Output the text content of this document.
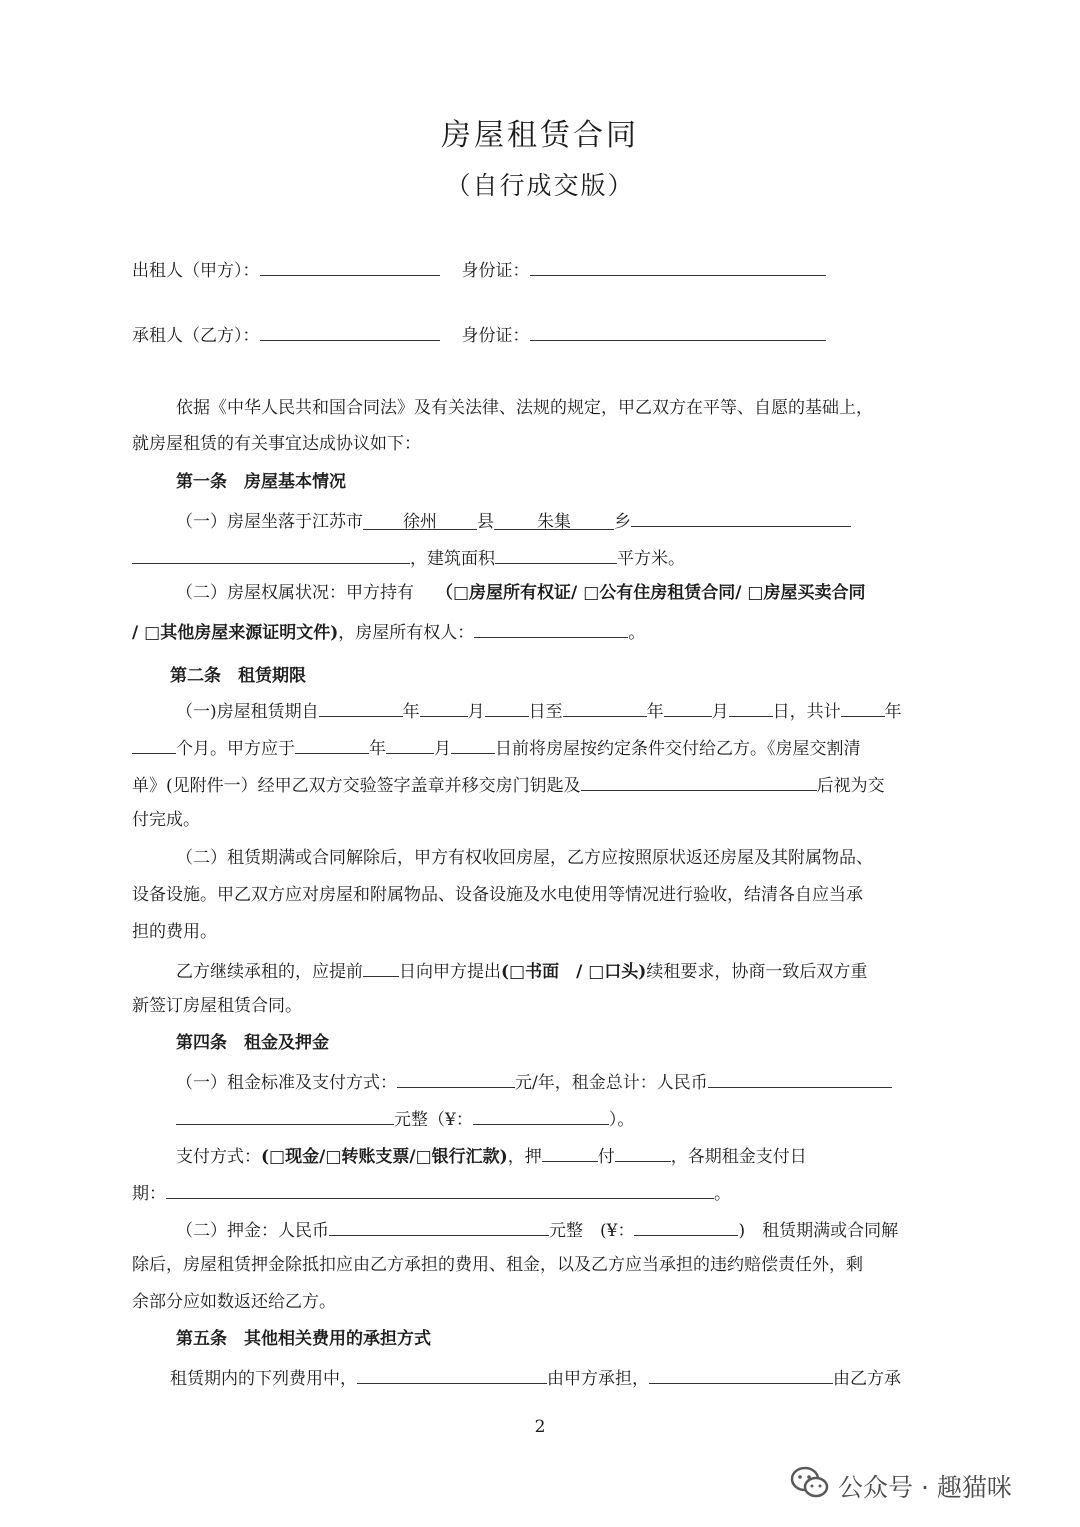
房屋租赁合同
（自行成交版）
出租人（甲方）：	身份证：
承租人（乙方）：	身份证：
依据《中华人民共和国合同法》及有关法律、法规的规定，甲乙双方在平等、自愿的基础上，
就房屋租赁的有关事宜达成协议如下：
第一条　房屋基本情况
（一）房屋坐落于江苏市 徐州 县	朱集	乡
，建筑面积	平方米。
（二）房屋权属状况：甲方持有 （□房屋所有权证/ □公有住房租赁合同/ □房屋买卖合同
/ □其他房屋来源证明文件)，房屋所有权人：	。
第二条　租赁期限
（一)房屋租赁期自	年	月	日至	年	月	日，共计	年
个月。甲方应于	年	月	日前将房屋按约定条件交付给乙方。《房屋交割清
单》(见附件一）经甲乙双方交验签字盖章并移交房门钥匙及	后视为交
付完成。
（二）租赁期满或合同解除后，甲方有权收回房屋，乙方应按照原状返还房屋及其附属物品、
设备设施。甲乙双方应对房屋和附属物品、设备设施及水电使用等情况进行验收，结清各自应当承
担的费用。
乙方继续承租的，应提前 日向甲方提出(□书面　/ □口头)续租要求，协商一致后双方重
新签订房屋租赁合同。
第四条　租金及押金
（一）租金标准及支付方式：	元/年，租金总计：人民币
元整（¥：	）。
支付方式：(□现金/□转账支票/□银行汇款)，押	付	，各期租金支付日
期：	。
（二）押金：人民币	元整　(¥：	)　租赁期满或合同解
除后，房屋租赁押金除抵扣应由乙方承担的费用、租金，以及乙方应当承担的违约赔偿责任外，剩
余部分应如数返还给乙方。
第五条　其他相关费用的承担方式
租赁期内的下列费用中，	由甲方承担，	由乙方承
2
公众号 · 趣猫咪
